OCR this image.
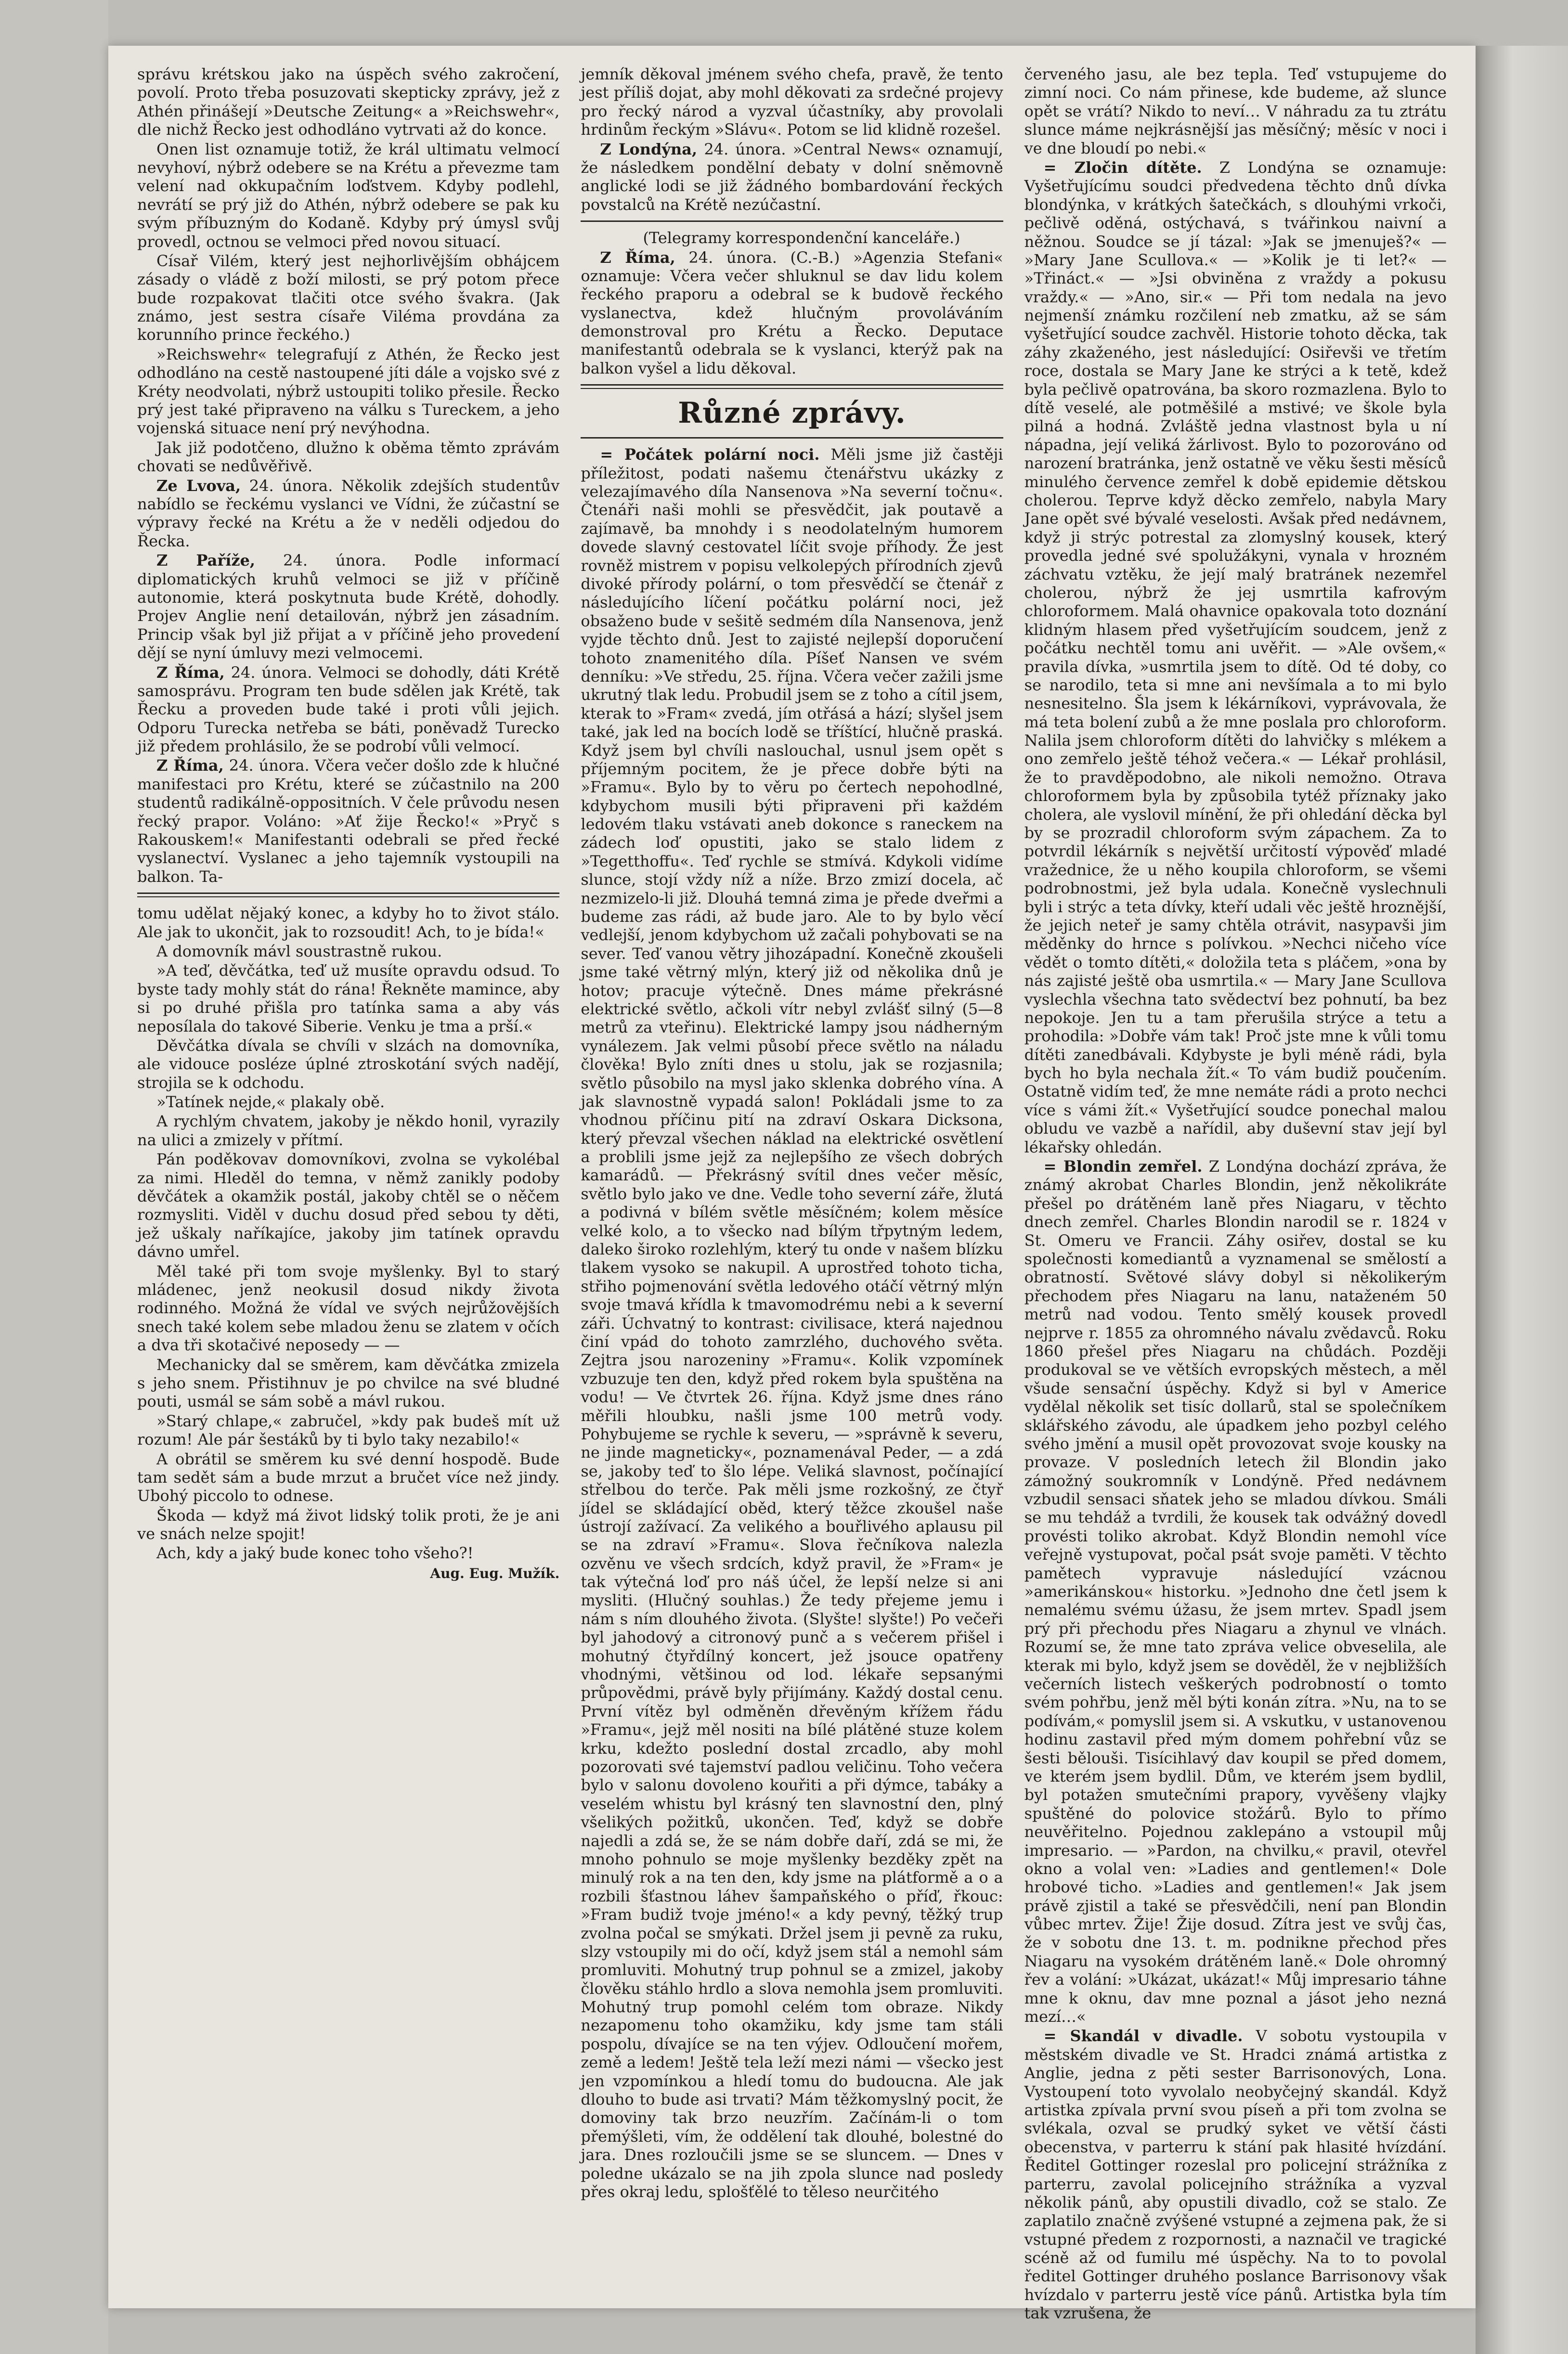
správu krétskou jako na úspěch svého zakročení, povolí. Proto třeba posuzovati skepticky zprávy, jež z Athén přinášejí »Deutsche Zeitung« a »Reichswehr«, dle nichž Řecko jest odhodláno vytrvati až do konce.

Onen list oznamuje totiž, že král ultimatu velmocí nevyhoví, nýbrž odebere se na Krétu a převezme tam velení nad okkupačním loďstvem. Kdyby podlehl, nevrátí se prý již do Athén, nýbrž odebere se pak ku svým příbuzným do Kodaně. Kdyby prý úmysl svůj provedl, octnou se velmoci před novou situací.

Císař Vilém, který jest nejhorlivějším obhájcem zásady o vládě z boží milosti, se prý potom přece bude rozpakovat tlačiti otce svého švakra. (Jak známo, jest sestra císaře Viléma provdána za korunního prince řeckého.)

»Reichswehr« telegrafují z Athén, že Řecko jest odhodláno na cestě nastoupené jíti dále a vojsko své z Kréty neodvolati, nýbrž ustoupiti toliko přesile. Řecko prý jest také připraveno na válku s Tureckem, a jeho vojenská situace není prý nevýhodna.

Jak již podotčeno, dlužno k oběma těmto zprávám chovati se nedůvěřivě.

Ze Lvova, 24. února. Několik zdejších studentův nabídlo se řeckému vyslanci ve Vídni, že zúčastní se výpravy řecké na Krétu a že v neděli odjedou do Řecka.

Z Paříže, 24. února. Podle informací diplomatických kruhů velmoci se již v příčině autonomie, která poskytnuta bude Krétě, dohodly. Projev Anglie není detailován, nýbrž jen zásadním. Princip však byl již přijat a v příčině jeho provedení dějí se nyní úmluvy mezi velmocemi.

Z Říma, 24. února. Velmoci se dohodly, dáti Krétě samosprávu. Program ten bude sdělen jak Krétě, tak Řecku a proveden bude také i proti vůli jejich. Odporu Turecka netřeba se báti, poněvadž Turecko již předem prohlásilo, že se podrobí vůli velmocí.

Z Říma, 24. února. Včera večer došlo zde k hlučné manifestaci pro Krétu, které se zúčastnilo na 200 studentů radikálně-oppositních. V čele průvodu nesen řecký prapor. Voláno: »Ať žije Řecko!« »Pryč s Rakouskem!« Manifestanti odebrali se před řecké vyslanectví. Vyslanec a jeho tajemník vystoupili na balkon. Ta-

tomu udělat nějaký konec, a kdyby ho to život stálo. Ale jak to ukončit, jak to rozsoudit! Ach, to je bída!«

A domovník mávl soustrastně rukou.

»A teď, děvčátka, teď už musíte opravdu odsud. To byste tady mohly stát do rána! Řekněte mamince, aby si po druhé přišla pro tatínka sama a aby vás neposílala do takové Siberie. Venku je tma a prší.«

Děvčátka dívala se chvíli v slzách na domovníka, ale vidouce posléze úplné ztroskotání svých nadějí, strojila se k odchodu.

»Tatínek nejde,« plakaly obě.

A rychlým chvatem, jakoby je někdo honil, vyrazily na ulici a zmizely v přítmí.

Pán poděkovav domovníkovi, zvolna se vykolébal za nimi. Hleděl do temna, v němž zanikly podoby děvčátek a okamžik postál, jakoby chtěl se o něčem rozmysliti. Viděl v duchu dosud před sebou ty děti, jež uškaly naříkajíce, jakoby jim tatínek opravdu dávno umřel.

Měl také při tom svoje myšlenky. Byl to starý mládenec, jenž neokusil dosud nikdy života rodinného. Možná že vídal ve svých nejrůžovějších snech také kolem sebe mladou ženu se zlatem v očích a dva tři skotačivé neposedy — —

Mechanicky dal se směrem, kam děvčátka zmizela s jeho snem. Přistihnuv je po chvilce na své bludné pouti, usmál se sám sobě a mávl rukou.

»Starý chlape,« zabručel, »kdy pak budeš mít už rozum! Ale pár šestáků by ti bylo taky nezabilo!«

A obrátil se směrem ku své denní hospodě. Bude tam sedět sám a bude mrzut a bručet více než jindy. Ubohý piccolo to odnese.

Škoda — když má život lidský tolik proti, že je ani ve snách nelze spojit!

Ach, kdy a jaký bude konec toho všeho?!

Aug. Eug. Mužík.

jemník děkoval jménem svého chefa, pravě, že tento jest příliš dojat, aby mohl děkovati za srdečné projevy pro řecký národ a vyzval účastníky, aby provolali hrdinům řeckým »Slávu«. Potom se lid klidně rozešel.

Z Londýna, 24. února. »Central News« oznamují, že následkem pondělní debaty v dolní sněmovně anglické lodi se již žádného bombardování řeckých povstalců na Krétě nezúčastní.

(Telegramy korrespondenční kanceláře.)

Z Říma, 24. února. (C.-B.) »Agenzia Stefani« oznamuje: Včera večer shluknul se dav lidu kolem řeckého praporu a odebral se k budově řeckého vyslanectva, kdež hlučným provoláváním demonstroval pro Krétu a Řecko. Deputace manifestantů odebrala se k vyslanci, kterýž pak na balkon vyšel a lidu děkoval.

Různé zprávy.

= Počátek polární noci. Měli jsme již častěji příležitost, podati našemu čtenářstvu ukázky z velezajímavého díla Nansenova »Na severní točnu«. Čtenáři naši mohli se přesvědčit, jak poutavě a zajímavě, ba mnohdy i s neodolatelným humorem dovede slavný cestovatel líčit svoje příhody. Že jest rovněž mistrem v popisu velkolepých přírodních zjevů divoké přírody polární, o tom přesvědčí se čtenář z následujícího líčení počátku polární noci, jež obsaženo bude v sešitě sedmém díla Nansenova, jenž vyjde těchto dnů. Jest to zajisté nejlepší doporučení tohoto znamenitého díla. Píšeť Nansen ve svém denníku: »Ve středu, 25. října. Včera večer zažili jsme ukrutný tlak ledu. Probudil jsem se z toho a cítil jsem, kterak to »Fram« zvedá, jím otřásá a hází; slyšel jsem také, jak led na bocích lodě se tříštící, hlučně praská. Když jsem byl chvíli naslouchal, usnul jsem opět s příjemným pocitem, že je přece dobře býti na »Framu«. Bylo by to věru po čertech nepohodlné, kdybychom musili býti připraveni při každém ledovém tlaku vstávati aneb dokonce s raneckem na zádech loď opustiti, jako se stalo lidem z »Tegetthoffu«. Teď rychle se stmívá. Kdykoli vidíme slunce, stojí vždy níž a níže. Brzo zmizí docela, ač nezmizelo-li již. Dlouhá temná zima je přede dveřmi a budeme zas rádi, až bude jaro. Ale to by bylo věcí vedlejší, jenom kdybychom už začali pohybovati se na sever. Teď vanou větry jihozápadní. Konečně zkoušeli jsme také větrný mlýn, který již od několika dnů je hotov; pracuje výtečně. Dnes máme překrásné elektrické světlo, ačkoli vítr nebyl zvlášť silný (5—8 metrů za vteřinu). Elektrické lampy jsou nádherným vynálezem. Jak velmi působí přece světlo na náladu člověka! Bylo zníti dnes u stolu, jak se rozjasnila; světlo působilo na mysl jako sklenka dobrého vína. A jak slavnostně vypadá salon! Pokládali jsme to za vhodnou příčinu pití na zdraví Oskara Dicksona, který převzal všechen náklad na elektrické osvětlení a problili jsme jejž za nejlepšího ze všech dobrých kamarádů. — Překrásný svítil dnes večer měsíc, světlo bylo jako ve dne. Vedle toho severní záře, žlutá a podivná v bílém světle měsíčném; kolem měsíce velké kolo, a to všecko nad bílým třpytným ledem, daleko široko rozlehlým, který tu onde v našem blízku tlakem vysoko se nakupil. A uprostřed tohoto ticha, střiho pojmenování světla ledového otáčí větrný mlýn svoje tmavá křídla k tmavomodrému nebi a k severní záři. Úchvatný to kontrast: civilisace, která najednou činí vpád do tohoto zamrzlého, duchového světa. Zejtra jsou narozeniny »Framu«. Kolik vzpomínek vzbuzuje ten den, když před rokem byla spuštěna na vodu! — Ve čtvrtek 26. října. Když jsme dnes ráno měřili hloubku, našli jsme 100 metrů vody. Pohybujeme se rychle k severu, — »správně k severu, ne jinde magneticky«, poznamenával Peder, — a zdá se, jakoby teď to šlo lépe. Veliká slavnost, počínající střelbou do terče. Pak měli jsme rozkošný, ze čtyř jídel se skládající oběd, který těžce zkoušel naše ústrojí zažívací. Za velikého a bouřlivého aplausu pil se na zdraví »Framu«. Slova řečníkova nalezla ozvěnu ve všech srdcích, když pravil, že »Fram« je tak výtečná loď pro náš účel, že lepší nelze si ani mysliti. (Hlučný souhlas.) Že tedy přejeme jemu i nám s ním dlouhého života. (Slyšte! slyšte!) Po večeři byl jahodový a citronový punč a s večerem přišel i mohutný čtyřdílný koncert, jež jsouce opatřeny vhodnými, většinou od lod. lékaře sepsanými průpovědmi, právě byly přijímány. Každý dostal cenu. První vítěz byl odměněn dřevěným křížem řádu »Framu«, jejž měl nositi na bílé plátěné stuze kolem krku, kdežto poslední dostal zrcadlo, aby mohl pozorovati své tajemství padlou veličinu. Toho večera bylo v salonu dovoleno kouřiti a při dýmce, tabáky a veselém whistu byl krásný ten slavnostní den, plný všelikých požitků, ukončen. Teď, když se dobře najedli a zdá se, že se nám dobře daří, zdá se mi, že mnoho pohnulo se moje myšlenky bezděky zpět na minulý rok a na ten den, kdy jsme na plátformě a o a rozbili šťastnou láhev šampaňského o příď, řkouc: »Fram budiž tvoje jméno!« a kdy pevný, těžký trup zvolna počal se smýkati. Držel jsem ji pevně za ruku, slzy vstoupily mi do očí, když jsem stál a nemohl sám promluviti. Mohutný trup pohnul se a zmizel, jakoby člověku stáhlo hrdlo a slova nemohla jsem promluviti. Mohutný trup pomohl celém tom obraze. Nikdy nezapomenu toho okamžiku, kdy jsme tam stáli pospolu, dívajíce se na ten výjev. Odloučení mořem, země a ledem! Ještě tela leží mezi námi — všecko jest jen vzpomínkou a hledí tomu do budoucna. Ale jak dlouho to bude asi trvati? Mám těžkomyslný pocit, že domoviny tak brzo neuzřím. Začínám-li o tom přemýšleti, vím, že oddělení tak dlouhé, bolestné do jara. Dnes rozloučili jsme se se sluncem. — Dnes v poledne ukázalo se na jih zpola slunce nad posledy přes okraj ledu, splošťělé to těleso neurčitého

červeného jasu, ale bez tepla. Teď vstupujeme do zimní noci. Co nám přinese, kde budeme, až slunce opět se vrátí? Nikdo to neví… V náhradu za tu ztrátu slunce máme nejkrásnější jas měsíčný; měsíc v noci i ve dne bloudí po nebi.«

= Zločin dítěte. Z Londýna se oznamuje: Vyšetřujícímu soudci předvedena těchto dnů dívka blondýnka, v krátkých šatečkách, s dlouhými vrkoči, pečlivě oděná, ostýchavá, s tvářinkou naivní a něžnou. Soudce se jí tázal: »Jak se jmenuješ?« — »Mary Jane Scullova.« — »Kolik je ti let?« — »Třináct.« — »Jsi obviněna z vraždy a pokusu vraždy.« — »Ano, sir.« — Při tom nedala na jevo nejmenší známku rozčilení neb zmatku, až se sám vyšetřující soudce zachvěl. Historie tohoto děcka, tak záhy zkaženého, jest následující: Osiřevši ve třetím roce, dostala se Mary Jane ke strýci a k tetě, kdež byla pečlivě opatrována, ba skoro rozmazlena. Bylo to dítě veselé, ale potměšilé a mstivé; ve škole byla pilná a hodná. Zvláště jedna vlastnost byla u ní nápadna, její veliká žárlivost. Bylo to pozorováno od narození bratránka, jenž ostatně ve věku šesti měsíců minulého července zemřel k době epidemie dětskou cholerou. Teprve když děcko zemřelo, nabyla Mary Jane opět své bývalé veselosti. Avšak před nedávnem, když ji strýc potrestal za zlomyslný kousek, který provedla jedné své spolužákyni, vynala v hrozném záchvatu vztěku, že její malý bratránek nezemřel cholerou, nýbrž že jej usmrtila kafrovým chloroformem. Malá ohavnice opakovala toto doznání klidným hlasem před vyšetřujícím soudcem, jenž z počátku nechtěl tomu ani uvěřit. — »Ale ovšem,« pravila dívka, »usmrtila jsem to dítě. Od té doby, co se narodilo, teta si mne ani nevšímala a to mi bylo nesnesitelno. Šla jsem k lékárníkovi, vyprávovala, že má teta bolení zubů a že mne poslala pro chloroform. Nalila jsem chloroform dítěti do lahvičky s mlékem a ono zemřelo ještě téhož večera.« — Lékař prohlásil, že to pravděpodobno, ale nikoli nemožno. Otrava chloroformem byla by způsobila tytéž příznaky jako cholera, ale vyslovil mínění, že při ohledání děcka byl by se prozradil chloroform svým zápachem. Za to potvrdil lékárník s největší určitostí výpověď mladé vražednice, že u něho koupila chloroform, se všemi podrobnostmi, jež byla udala. Konečně vyslechnuli byli i strýc a teta dívky, kteří udali věc ještě hroznější, že jejich neteř je samy chtěla otrávit, nasypavši jim měděnky do hrnce s polívkou. »Nechci ničeho více vědět o tomto dítěti,« doložila teta s pláčem, »ona by nás zajisté ještě oba usmrtila.« — Mary Jane Scullova vyslechla všechna tato svědectví bez pohnutí, ba bez nepokoje. Jen tu a tam přerušila strýce a tetu a prohodila: »Dobře vám tak! Proč jste mne k vůli tomu dítěti zanedbávali. Kdybyste je byli méně rádi, byla bych ho byla nechala žít.« To vám budiž poučením. Ostatně vidím teď, že mne nemáte rádi a proto nechci více s vámi žít.« Vyšetřující soudce ponechal malou obludu ve vazbě a nařídil, aby duševní stav její byl lékařsky ohledán.

= Blondin zemřel. Z Londýna dochází zpráva, že známý akrobat Charles Blondin, jenž několikráte přešel po drátěném laně přes Niagaru, v těchto dnech zemřel. Charles Blondin narodil se r. 1824 v St. Omeru ve Francii. Záhy osiřev, dostal se ku společnosti komediantů a vyznamenal se smělostí a obratností. Světové slávy dobyl si několikerým přechodem přes Niagaru na lanu, nataženém 50 metrů nad vodou. Tento smělý kousek provedl nejprve r. 1855 za ohromného návalu zvědavců. Roku 1860 přešel přes Niagaru na chůdách. Později produkoval se ve větších evropských městech, a měl všude sensační úspěchy. Když si byl v Americe vydělal několik set tisíc dollarů, stal se společníkem sklářského závodu, ale úpadkem jeho pozbyl celého svého jmění a musil opět provozovat svoje kousky na provaze. V posledních letech žil Blondin jako zámožný soukromník v Londýně. Před nedávnem vzbudil sensaci sňatek jeho se mladou dívkou. Smáli se mu tehdáž a tvrdili, že kousek tak odvážný dovedl provésti toliko akrobat. Když Blondin nemohl více veřejně vystupovat, počal psát svoje paměti. V těchto pamětech vypravuje následující vzácnou »amerikánskou« historku. »Jednoho dne četl jsem k nemalému svému úžasu, že jsem mrtev. Spadl jsem prý při přechodu přes Niagaru a zhynul ve vlnách. Rozumí se, že mne tato zpráva velice obveselila, ale kterak mi bylo, když jsem se dověděl, že v nejbližších večerních listech veškerých podrobností o tomto svém pohřbu, jenž měl býti konán zítra. »Nu, na to se podívám,« pomyslil jsem si. A vskutku, v ustanovenou hodinu zastavil před mým domem pohřební vůz se šesti bělouši. Tisícihlavý dav koupil se před domem, ve kterém jsem bydlil. Dům, ve kterém jsem bydlil, byl potažen smutečními prapory, vyvěšeny vlajky spuštěné do polovice stožárů. Bylo to přímo neuvěřitelno. Pojednou zaklepáno a vstoupil můj impresario. — »Pardon, na chvilku,« pravil, otevřel okno a volal ven: »Ladies and gentlemen!« Dole hrobové ticho. »Ladies and gentlemen!« Jak jsem právě zjistil a také se přesvědčili, není pan Blondin vůbec mrtev. Žije! Žije dosud. Zítra jest ve svůj čas, že v sobotu dne 13. t. m. podnikne přechod přes Niagaru na vysokém drátěném laně.« Dole ohromný řev a volání: »Ukázat, ukázat!« Můj impresario táhne mne k oknu, dav mne poznal a jásot jeho nezná mezí…«

= Skandál v divadle. V sobotu vystoupila v městském divadle ve St. Hradci známá artistka z Anglie, jedna z pěti sester Barrisonových, Lona. Vystoupení toto vyvolalo neobyčejný skandál. Když artistka zpívala první svou píseň a při tom zvolna se svlékala, ozval se prudký syket ve větší části obecenstva, v parterru k stání pak hlasité hvízdání. Ředitel Gottinger rozeslal pro policejní strážníka z parterru, zavolal policejního strážníka a vyzval několik pánů, aby opustili divadlo, což se stalo. Ze zaplatilo značně zvýšené vstupné a zejmena pak, že si vstupné předem z rozpornosti, a naznačil ve tragické scéně až od fumilu mé úspěchy. Na to to povolal ředitel Gottinger druhého poslance Barrisonovy však hvízdalo v parterru jestě více pánů. Artistka byla tím tak vzrušena, že
